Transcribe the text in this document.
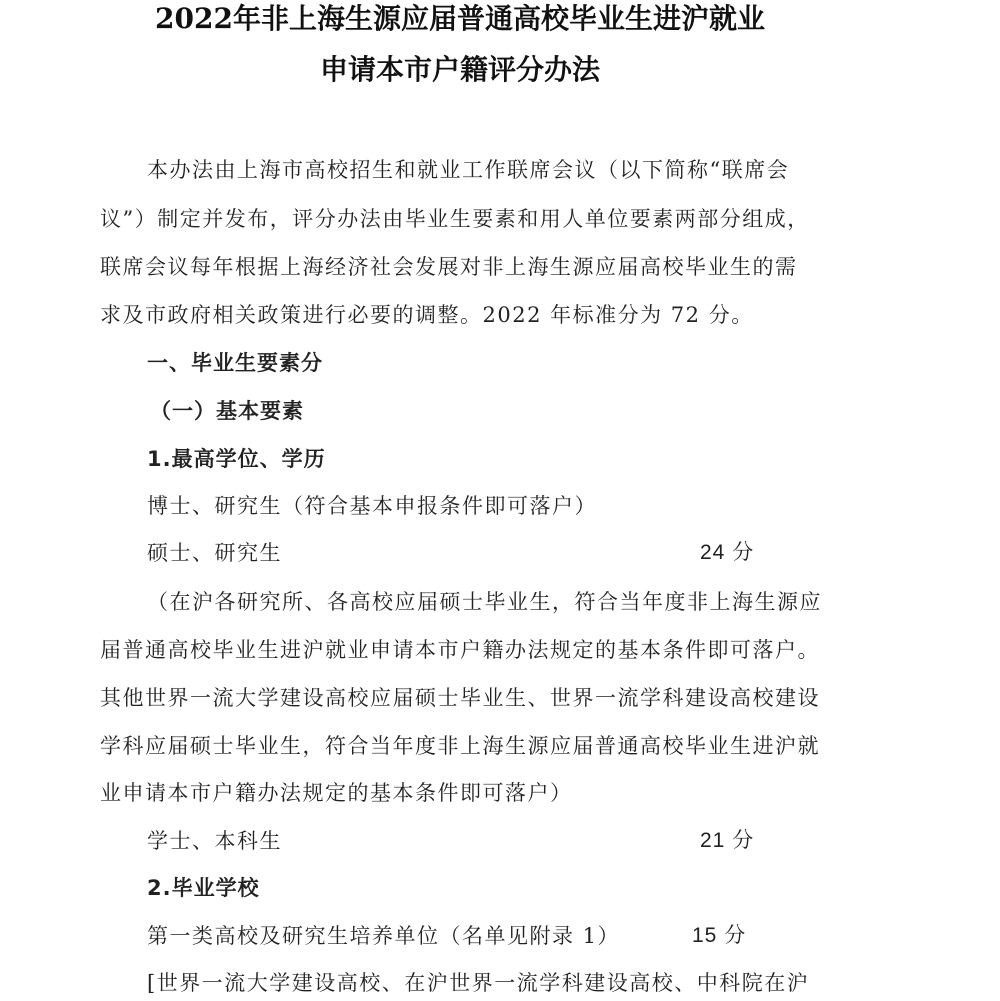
2022年非上海生源应届普通高校毕业生进沪就业
申请本市户籍评分办法
本办法由上海市高校招生和就业工作联席会议（以下简称“联席会
议”）制定并发布，评分办法由毕业生要素和用人单位要素两部分组成，
联席会议每年根据上海经济社会发展对非上海生源应届高校毕业生的需
求及市政府相关政策进行必要的调整。2022 年标准分为 72 分。
一、毕业生要素分
（一）基本要素
1.最高学位、学历
博士、研究生（符合基本申报条件即可落户）
硕士、研究生	24 分
（在沪各研究所、各高校应届硕士毕业生，符合当年度非上海生源应
届普通高校毕业生进沪就业申请本市户籍办法规定的基本条件即可落户。
其他世界一流大学建设高校应届硕士毕业生、世界一流学科建设高校建设
学科应届硕士毕业生，符合当年度非上海生源应届普通高校毕业生进沪就
业申请本市户籍办法规定的基本条件即可落户）
学士、本科生	21 分
2.毕业学校
第一类高校及研究生培养单位（名单见附录 1）	15 分
[世界一流大学建设高校、在沪世界一流学科建设高校、中科院在沪
